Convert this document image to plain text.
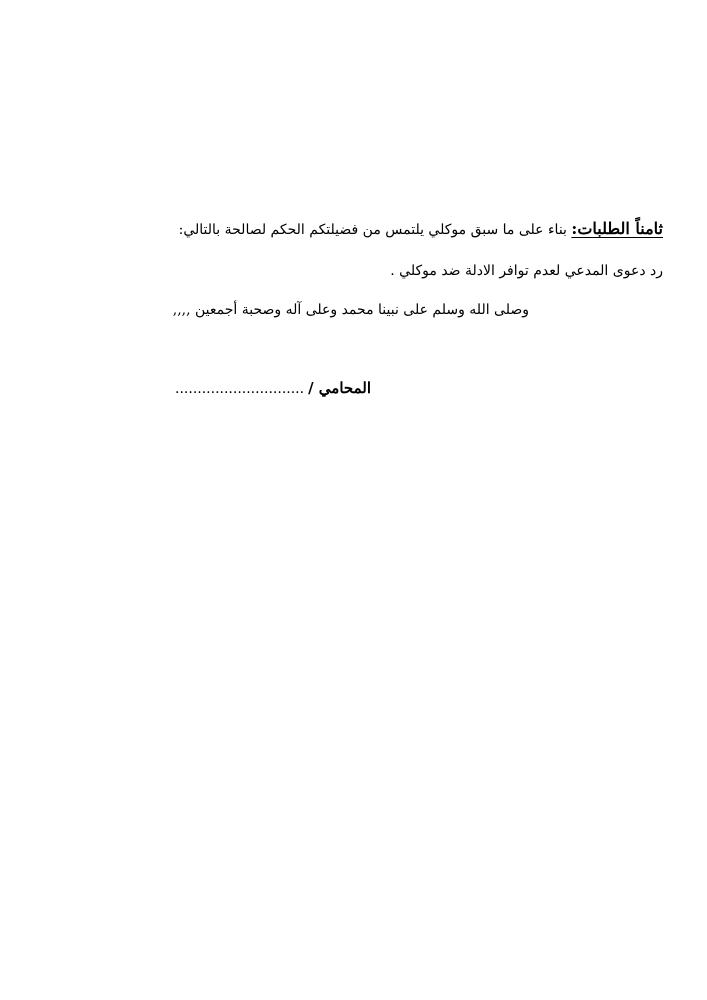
ثامناً الطلبات: بناء على ما سبق موكلي يلتمس من فضيلتكم الحكم لصالحة بالتالي:
رد دعوى المدعي لعدم توافر الادلة ضد موكلي .
وصلى الله وسلم على نبينا محمد وعلى آله وصحبة أجمعين ,,,,
المحامي /.............................
